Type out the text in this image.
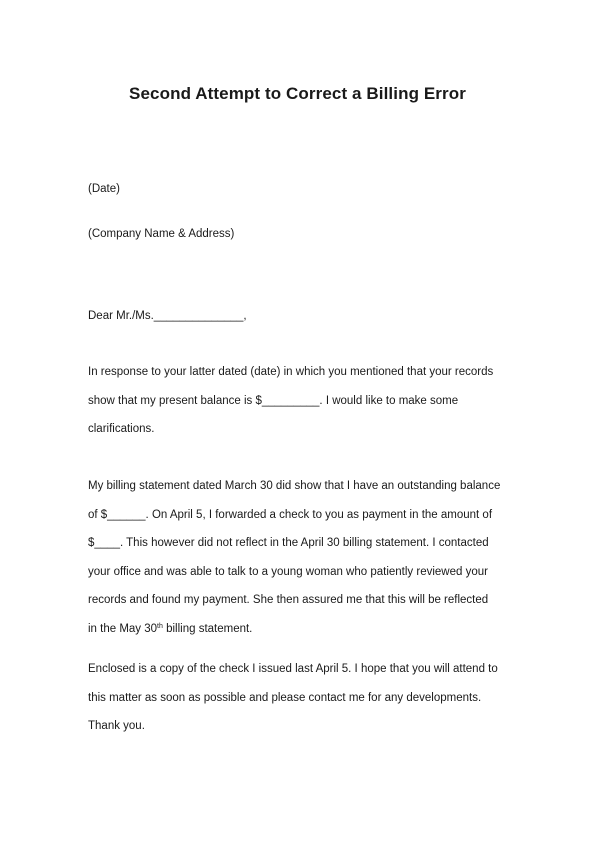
Second Attempt to Correct a Billing Error

(Date)

(Company Name & Address)

Dear Mr./Ms.______________,

In response to your latter dated (date) in which you mentioned that your records
show that my present balance is $_________. I would like to make some
clarifications.
My billing statement dated March 30 did show that I have an outstanding balance
of $______. On April 5, I forwarded a check to you as payment in the amount of
$____. This however did not reflect in the April 30 billing statement. I contacted
your office and was able to talk to a young woman who patiently reviewed your
records and found my payment. She then assured me that this will be reflected
in the May 30th billing statement.
Enclosed is a copy of the check I issued last April 5. I hope that you will attend to
this matter as soon as possible and please contact me for any developments.
Thank you.
